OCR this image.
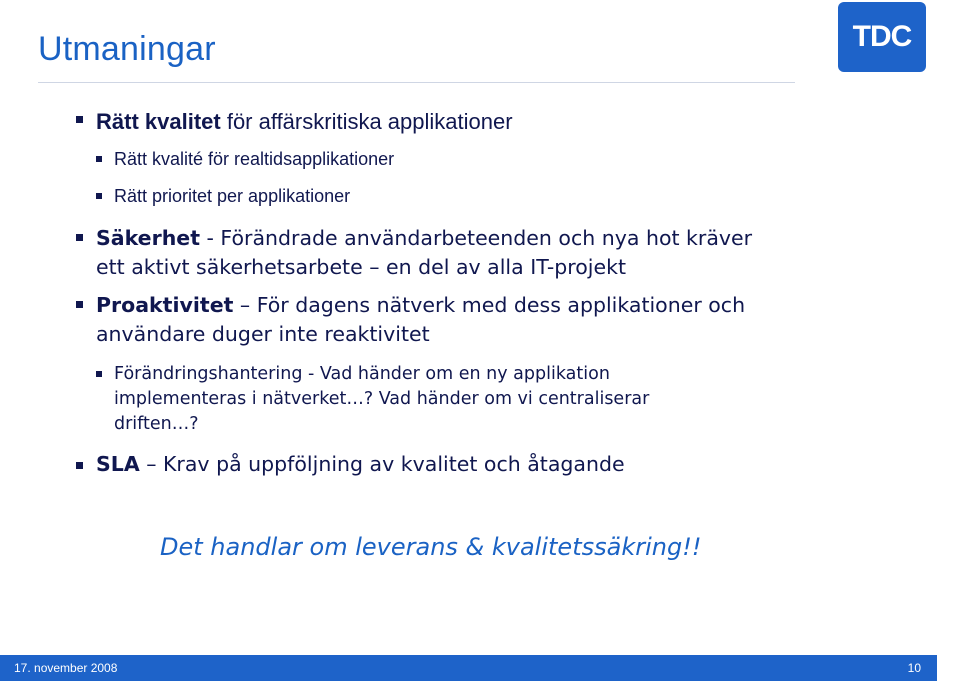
Utmaningar	TDC
Rätt kvalitet för affärskritiska applikationer
Rätt kvalité för realtidsapplikationer
Rätt prioritet per applikationer
Säkerhet - Förändrade användarbeteenden och nya hot kräver
ett aktivt säkerhetsarbete – en del av alla IT-projekt
Proaktivitet – För dagens nätverk med dess applikationer och
användare duger inte reaktivitet
Förändringshantering - Vad händer om en ny applikation
implementeras i nätverket…? Vad händer om vi centraliserar
driften…?
SLA – Krav på uppföljning av kvalitet och åtagande
Det handlar om leverans & kvalitetssäkring!!
17. november 2008	10
